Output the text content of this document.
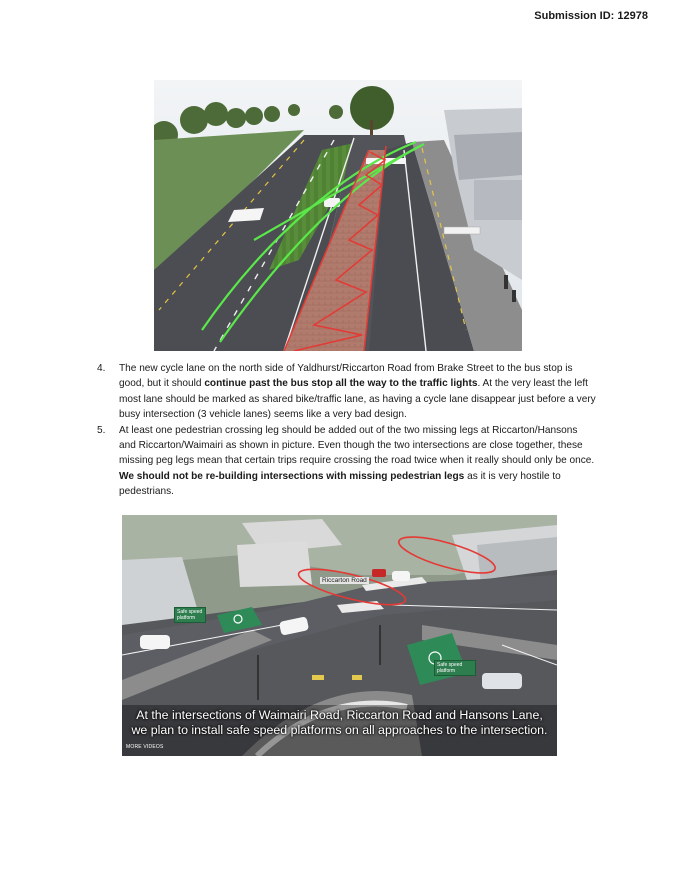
Submission ID: 12978
4. The new cycle lane on the north side of Yaldhurst/Riccarton Road from Brake Street to the bus stop is good, but it should continue past the bus stop all the way to the traffic lights. At the very least the left most lane should be marked as shared bike/traffic lane, as having a cycle lane disappear just before a very busy intersection (3 vehicle lanes) seems like a very bad design.
5. At least one pedestrian crossing leg should be added out of the two missing legs at Riccarton/Hansons and Riccarton/Waimairi as shown in picture. Even though the two intersections are close together, these missing peg legs mean that certain trips require crossing the road twice when it really should only be once. We should not be re-building intersections with missing pedestrian legs as it is very hostile to pedestrians.
Riccarton Road
Safe speed platform
Safe speed platform
At the intersections of Waimairi Road, Riccarton Road and Hansons Lane,
we plan to install safe speed platforms on all approaches to the intersection.
MORE VIDEOS
